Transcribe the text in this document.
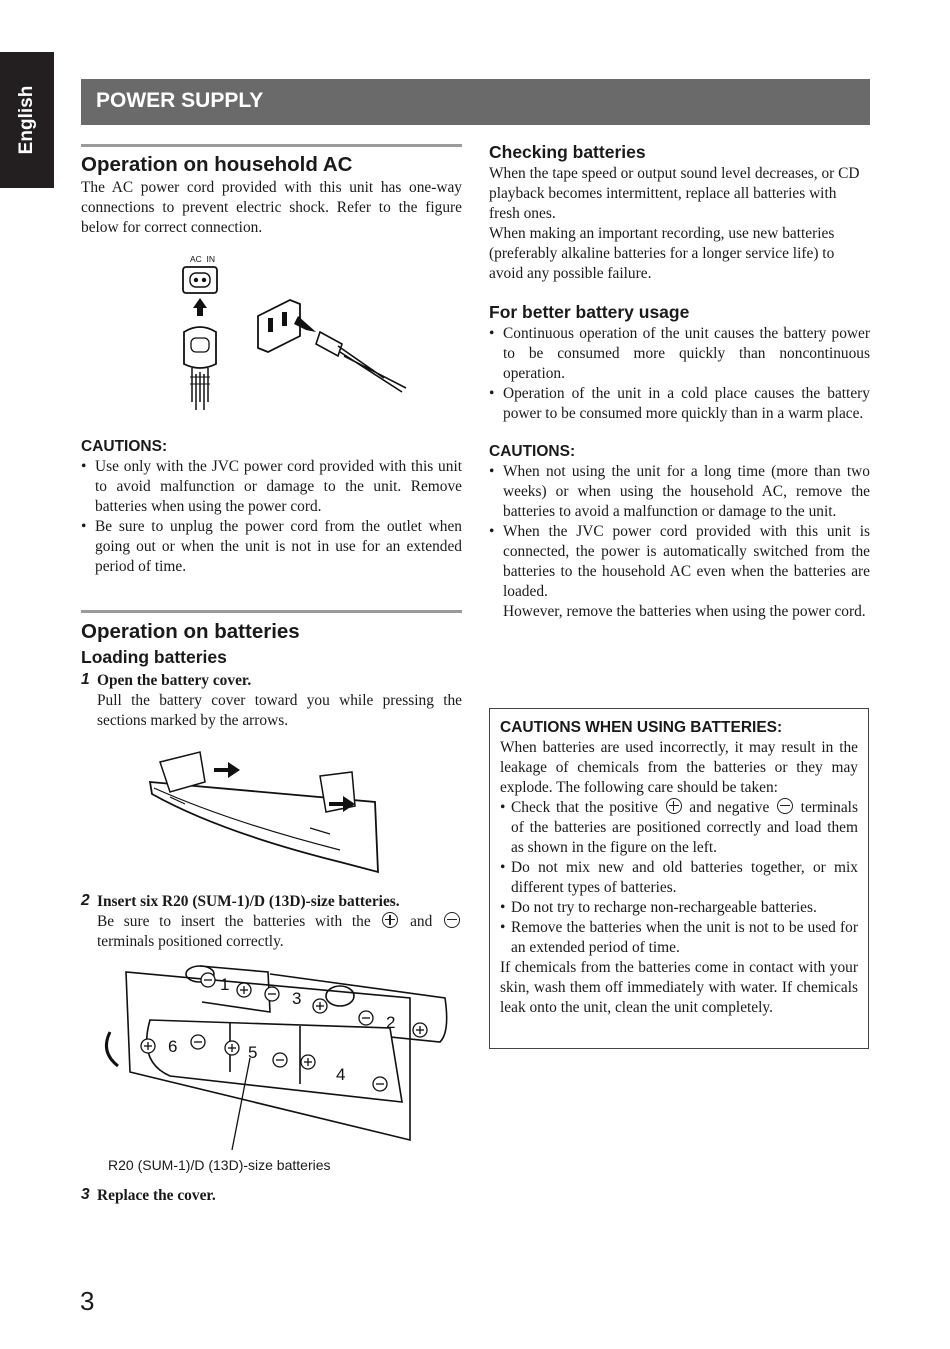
English	POWER SUPPLY
Operation on household AC

The AC power cord provided with this unit has one-way connections to prevent electric shock. Refer to the figure below for correct connection.

AC  IN
CAUTIONS:
• Use only with the JVC power cord provided with this unit to avoid malfunction or damage to the unit. Remove batteries when using the power cord.
• Be sure to unplug the power cord from the outlet when going out or when the unit is not in use for an extended period of time.
Operation on batteries
Loading batteries
1 Open the battery cover.

Pull the battery cover toward you while pressing the sections marked by the arrows.

2 Insert six R20 (SUM-1)/D (13D)-size batteries.

Be sure to insert the batteries with the	and  terminals positioned correctly.

1
3
2
6	5
4
R20 (SUM-1)/D (13D)-size batteries
3 Replace the cover.
Checking batteries

When the tape speed or output sound level decreases, or CD playback becomes intermittent, replace all batteries with fresh ones.

When making an important recording, use new batteries (preferably alkaline batteries for a longer service life) to avoid any possible failure.

For better battery usage
• Continuous operation of the unit causes the battery power to be consumed more quickly than noncontinuous operation.
• Operation of the unit in a cold place causes the battery power to be consumed more quickly than in a warm place.
CAUTIONS:
• When not using the unit for a long time (more than two weeks) or when using the household AC, remove the batteries to avoid a malfunction or damage to the unit.
• When the JVC power cord provided with this unit is connected, the power is automatically switched from the batteries to the household AC even when the batteries are loaded.
However, remove the batteries when using the power cord.
CAUTIONS WHEN USING BATTERIES:

When batteries are used incorrectly, it may result in the leakage of chemicals from the batteries or they may explode. The following care should be taken:

• Check that the positive and negative terminals of the batteries are positioned correctly and load them as shown in the figure on the left.
• Do not mix new and old batteries together, or mix different types of batteries.
• Do not try to recharge non-rechargeable batteries.
• Remove the batteries when the unit is not to be used for an extended period of time.

If chemicals from the batteries come in contact with your skin, wash them off immediately with water. If chemicals leak onto the unit, clean the unit completely.

3
